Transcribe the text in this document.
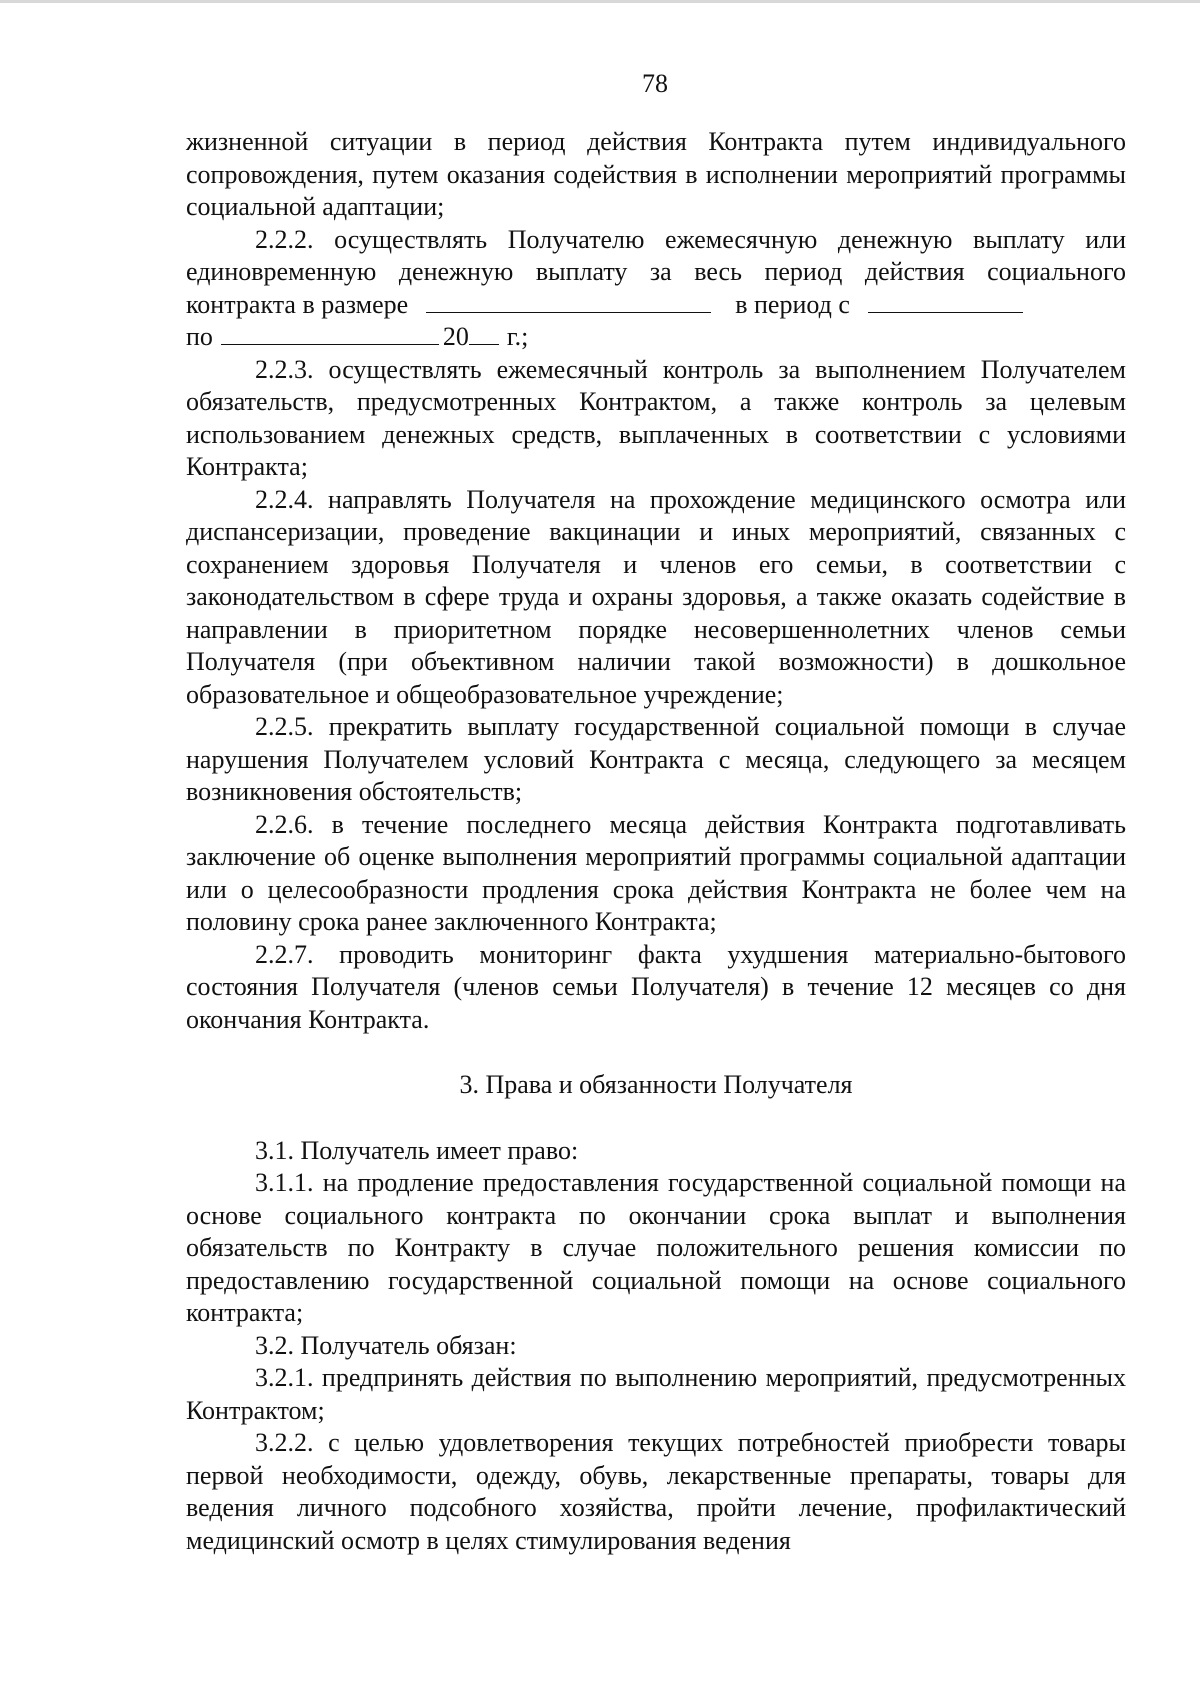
78

жизненной ситуации в период действия Контракта путем индивидуального сопровождения, путем оказания содействия в исполнении мероприятий программы социальной адаптации;

2.2.2. осуществлять Получателю ежемесячную денежную выплату или единовременную денежную выплату за весь период действия социального контракта в размере	в период с
по	20 г.;

2.2.3. осуществлять ежемесячный контроль за выполнением Получателем обязательств, предусмотренных Контрактом, а также контроль за целевым использованием денежных средств, выплаченных в соответствии с условиями Контракта;

2.2.4. направлять Получателя на прохождение медицинского осмотра или диспансеризации, проведение вакцинации и иных мероприятий, связанных с сохранением здоровья Получателя и членов его семьи, в соответствии с законодательством в сфере труда и охраны здоровья, а также оказать содействие в направлении в приоритетном порядке несовершеннолетних членов семьи Получателя (при объективном наличии такой возможности) в дошкольное образовательное и общеобразовательное учреждение;

2.2.5. прекратить выплату государственной социальной помощи в случае нарушения Получателем условий Контракта с месяца, следующего за месяцем возникновения обстоятельств;

2.2.6. в течение последнего месяца действия Контракта подготавливать заключение об оценке выполнения мероприятий программы социальной адаптации или о целесообразности продления срока действия Контракта не более чем на половину срока ранее заключенного Контракта;

2.2.7. проводить мониторинг факта ухудшения материально-бытового состояния Получателя (членов семьи Получателя) в течение 12 месяцев со дня окончания Контракта.

3. Права и обязанности Получателя

3.1. Получатель имеет право:

3.1.1. на продление предоставления государственной социальной помощи на основе социального контракта по окончании срока выплат и выполнения обязательств по Контракту в случае положительного решения комиссии по предоставлению государственной социальной помощи на основе социального контракта;

3.2. Получатель обязан:

3.2.1. предпринять действия по выполнению мероприятий, предусмотренных Контрактом;

3.2.2. с целью удовлетворения текущих потребностей приобрести товары первой необходимости, одежду, обувь, лекарственные препараты, товары для ведения личного подсобного хозяйства, пройти лечение, профилактический медицинский осмотр в целях стимулирования ведения
